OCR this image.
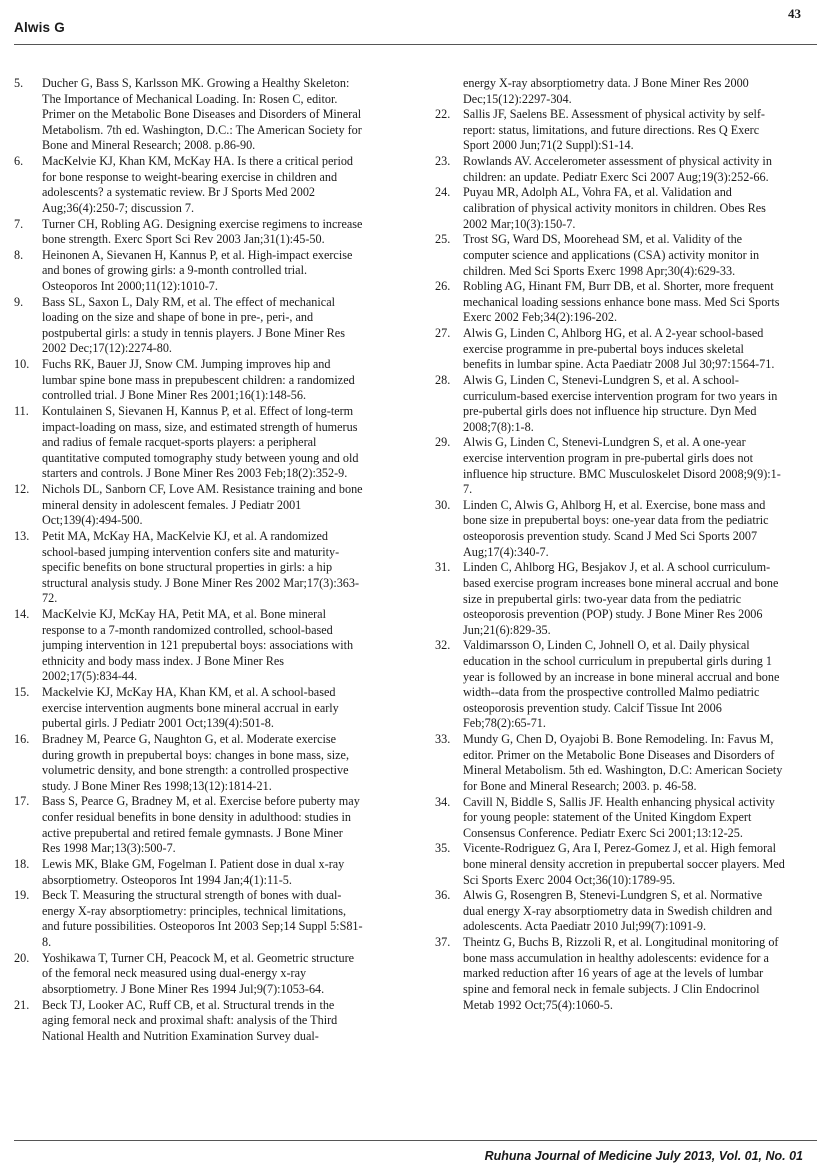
43
Alwis G
5. Ducher G, Bass S, Karlsson MK. Growing a Healthy Skeleton: The Importance of Mechanical Loading. In: Rosen C, editor. Primer on the Metabolic Bone Diseases and Disorders of Mineral Metabolism. 7th ed. Washington, D.C.: The American Society for Bone and Mineral Research; 2008. p.86-90.
6. MacKelvie KJ, Khan KM, McKay HA. Is there a critical period for bone response to weight-bearing exercise in children and adolescents? a systematic review. Br J Sports Med 2002 Aug;36(4):250-7; discussion 7.
7. Turner CH, Robling AG. Designing exercise regimens to increase bone strength. Exerc Sport Sci Rev 2003 Jan;31(1):45-50.
8. Heinonen A, Sievanen H, Kannus P, et al. High-impact exercise and bones of growing girls: a 9-month controlled trial. Osteoporos Int 2000;11(12):1010-7.
9. Bass SL, Saxon L, Daly RM, et al. The effect of mechanical loading on the size and shape of bone in pre-, peri-, and postpubertal girls: a study in tennis players. J Bone Miner Res 2002 Dec;17(12):2274-80.
10. Fuchs RK, Bauer JJ, Snow CM. Jumping improves hip and lumbar spine bone mass in prepubescent children: a randomized controlled trial. J Bone Miner Res 2001;16(1):148-56.
11. Kontulainen S, Sievanen H, Kannus P, et al. Effect of long-term impact-loading on mass, size, and estimated strength of humerus and radius of female racquet-sports players: a peripheral quantitative computed tomography study between young and old starters and controls. J Bone Miner Res 2003 Feb;18(2):352-9.
12. Nichols DL, Sanborn CF, Love AM. Resistance training and bone mineral density in adolescent females. J Pediatr 2001 Oct;139(4):494-500.
13. Petit MA, McKay HA, MacKelvie KJ, et al. A randomized school-based jumping intervention confers site and maturity-specific benefits on bone structural properties in girls: a hip structural analysis study. J Bone Miner Res 2002 Mar;17(3):363-72.
14. MacKelvie KJ, McKay HA, Petit MA, et al. Bone mineral response to a 7-month randomized controlled, school-based jumping intervention in 121 prepubertal boys: associations with ethnicity and body mass index. J Bone Miner Res 2002;17(5):834-44.
15. Mackelvie KJ, McKay HA, Khan KM, et al. A school-based exercise intervention augments bone mineral accrual in early pubertal girls. J Pediatr 2001 Oct;139(4):501-8.
16. Bradney M, Pearce G, Naughton G, et al. Moderate exercise during growth in prepubertal boys: changes in bone mass, size, volumetric density, and bone strength: a controlled prospective study. J Bone Miner Res 1998;13(12):1814-21.
17. Bass S, Pearce G, Bradney M, et al. Exercise before puberty may confer residual benefits in bone density in adulthood: studies in active prepubertal and retired female gymnasts. J Bone Miner Res 1998 Mar;13(3):500-7.
18. Lewis MK, Blake GM, Fogelman I. Patient dose in dual x-ray absorptiometry. Osteoporos Int 1994 Jan;4(1):11-5.
19. Beck T. Measuring the structural strength of bones with dual-energy X-ray absorptiometry: principles, technical limitations, and future possibilities. Osteoporos Int 2003 Sep;14 Suppl 5:S81-8.
20. Yoshikawa T, Turner CH, Peacock M, et al. Geometric structure of the femoral neck measured using dual-energy x-ray absorptiometry. J Bone Miner Res 1994 Jul;9(7):1053-64.
21. Beck TJ, Looker AC, Ruff CB, et al. Structural trends in the aging femoral neck and proximal shaft: analysis of the Third National Health and Nutrition Examination Survey dual-
energy X-ray absorptiometry data. J Bone Miner Res 2000 Dec;15(12):2297-304.
22. Sallis JF, Saelens BE. Assessment of physical activity by self-report: status, limitations, and future directions. Res Q Exerc Sport 2000 Jun;71(2 Suppl):S1-14.
23. Rowlands AV. Accelerometer assessment of physical activity in children: an update. Pediatr Exerc Sci 2007 Aug;19(3):252-66.
24. Puyau MR, Adolph AL, Vohra FA, et al. Validation and calibration of physical activity monitors in children. Obes Res 2002 Mar;10(3):150-7.
25. Trost SG, Ward DS, Moorehead SM, et al. Validity of the computer science and applications (CSA) activity monitor in children. Med Sci Sports Exerc 1998 Apr;30(4):629-33.
26. Robling AG, Hinant FM, Burr DB, et al. Shorter, more frequent mechanical loading sessions enhance bone mass. Med Sci Sports Exerc 2002 Feb;34(2):196-202.
27. Alwis G, Linden C, Ahlborg HG, et al. A 2-year school-based exercise programme in pre-pubertal boys induces skeletal benefits in lumbar spine. Acta Paediatr 2008 Jul 30;97:1564-71.
28. Alwis G, Linden C, Stenevi-Lundgren S, et al. A school-curriculum-based exercise intervention program for two years in pre-pubertal girls does not influence hip structure. Dyn Med 2008;7(8):1-8.
29. Alwis G, Linden C, Stenevi-Lundgren S, et al. A one-year exercise intervention program in pre-pubertal girls does not influence hip structure. BMC Musculoskelet Disord 2008;9(9):1-7.
30. Linden C, Alwis G, Ahlborg H, et al. Exercise, bone mass and bone size in prepubertal boys: one-year data from the pediatric osteoporosis prevention study. Scand J Med Sci Sports 2007 Aug;17(4):340-7.
31. Linden C, Ahlborg HG, Besjakov J, et al. A school curriculum-based exercise program increases bone mineral accrual and bone size in prepubertal girls: two-year data from the pediatric osteoporosis prevention (POP) study. J Bone Miner Res 2006 Jun;21(6):829-35.
32. Valdimarsson O, Linden C, Johnell O, et al. Daily physical education in the school curriculum in prepubertal girls during 1 year is followed by an increase in bone mineral accrual and bone width--data from the prospective controlled Malmo pediatric osteoporosis prevention study. Calcif Tissue Int 2006 Feb;78(2):65-71.
33. Mundy G, Chen D, Oyajobi B. Bone Remodeling. In: Favus M, editor. Primer on the Metabolic Bone Diseases and Disorders of Mineral Metabolism. 5th ed. Washington, D.C: American Society for Bone and Mineral Research; 2003. p. 46-58.
34. Cavill N, Biddle S, Sallis JF. Health enhancing physical activity for young people: statement of the United Kingdom Expert Consensus Conference. Pediatr Exerc Sci 2001;13:12-25.
35. Vicente-Rodriguez G, Ara I, Perez-Gomez J, et al. High femoral bone mineral density accretion in prepubertal soccer players. Med Sci Sports Exerc 2004 Oct;36(10):1789-95.
36. Alwis G, Rosengren B, Stenevi-Lundgren S, et al. Normative dual energy X-ray absorptiometry data in Swedish children and adolescents. Acta Paediatr 2010 Jul;99(7):1091-9.
37. Theintz G, Buchs B, Rizzoli R, et al. Longitudinal monitoring of bone mass accumulation in healthy adolescents: evidence for a marked reduction after 16 years of age at the levels of lumbar spine and femoral neck in female subjects. J Clin Endocrinol Metab 1992 Oct;75(4):1060-5.
Ruhuna Journal of Medicine July 2013, Vol. 01, No. 01
